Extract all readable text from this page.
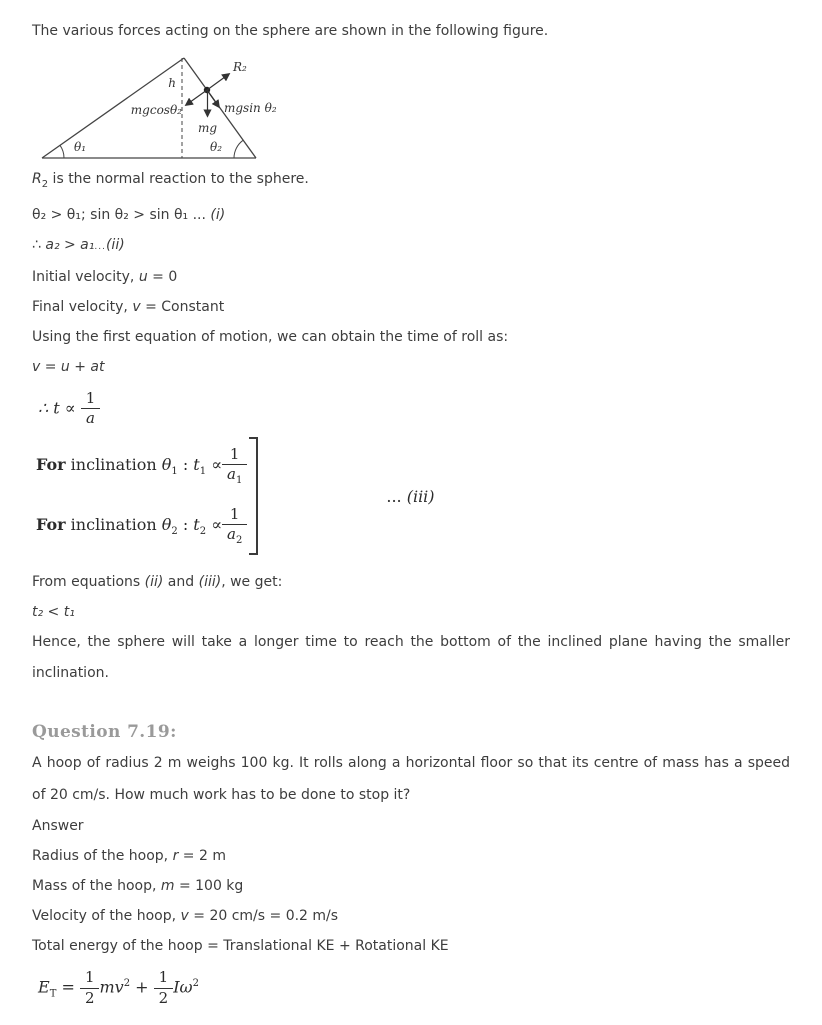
The various forces acting on the sphere are shown in the following figure.

R₂
h
mgcosθ₂	mgsin θ₂
mg
θ₁	θ₂

$R_2$ is the normal reaction to the sphere.

θ₂ > θ₁; sin θ₂ > sin θ₁ ... (i)

∴ a₂ > a₁...(ii)

Initial velocity, u = 0

Final velocity, v = Constant

Using the first equation of motion, we can obtain the time of roll as:

v = u + at

∴ $t \propto \frac{1}{a}$
For inclination $\theta_1$ : $t_1 \propto \frac{1}{a_1}$
For inclination $\theta_2$ : $t_2 \propto \frac{1}{a_2}$
... (iii)

From equations (ii) and (iii), we get:

t₂ < t₁

Hence, the sphere will take a longer time to reach the bottom of the inclined plane having the smaller inclination.

Question 7.19:

A hoop of radius 2 m weighs 100 kg. It rolls along a horizontal floor so that its centre of mass has a speed of 20 cm/s. How much work has to be done to stop it?

Answer

Radius of the hoop, r = 2 m

Mass of the hoop, m = 100 kg

Velocity of the hoop, v = 20 cm/s = 0.2 m/s

Total energy of the hoop = Translational KE + Rotational KE

$E_T = \frac{1}{2} mv^2 + \frac{1}{2} I\omega^2$
